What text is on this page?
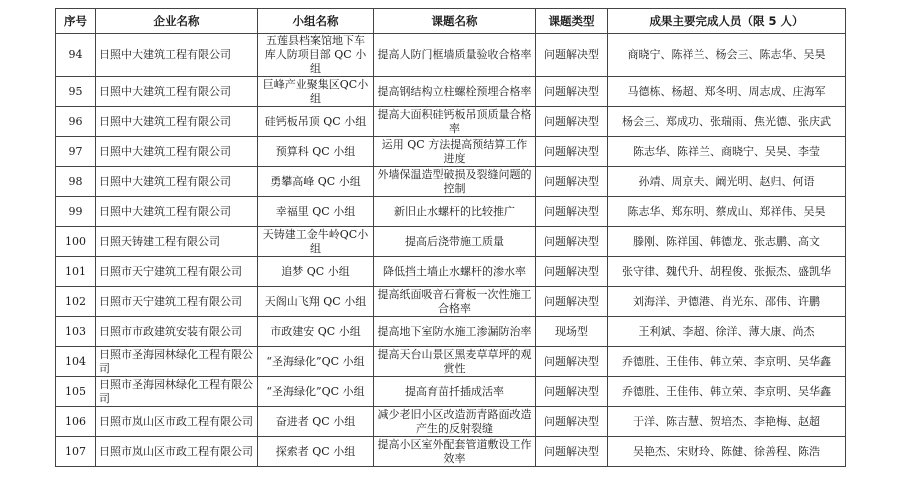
序号	企业名称	小组名称	课题名称	课题类型	成果主要完成人员（限 5 人）
94	日照中大建筑工程有限公司	五莲县档案馆地下车库人防项目部 QC 小组	提高人防门框墙质量验收合格率	问题解决型	商晓宁、陈祥兰、杨会三、陈志华、吴昊
95	日照中大建筑工程有限公司	巨峰产业聚集区QC小组	提高钢结构立柱螺栓预埋合格率	问题解决型	马德栋、杨超、郑冬明、周志成、庄海军
96	日照中大建筑工程有限公司	硅钙板吊顶 QC 小组	提高大面积硅钙板吊顶质量合格率	问题解决型	杨会三、郑成功、张瑞雨、焦光德、张庆武
97	日照中大建筑工程有限公司	预算科 QC 小组	运用 QC 方法提高预结算工作进度	问题解决型	陈志华、陈祥兰、商晓宁、吴昊、李莹
98	日照中大建筑工程有限公司	勇攀高峰 QC 小组	外墙保温造型破损及裂缝问题的控制	问题解决型	孙靖、周京夫、阚光明、赵归、何语
99	日照中大建筑工程有限公司	幸福里 QC 小组	新旧止水螺杆的比较推广	问题解决型	陈志华、郑东明、蔡成山、郑祥伟、吴昊
100	日照天铸建工程有限公司	天铸建工金牛岭QC小组	提高后浇带施工质量	问题解决型	滕刚、陈祥国、韩德龙、张志鹏、高文
101	日照市天宁建筑工程有限公司	追梦 QC 小组	降低挡土墙止水螺杆的渗水率	问题解决型	张守律、魏代升、胡程俊、张振杰、盛凯华
102	日照市天宁建筑工程有限公司	天阁山飞翔 QC 小组	提高纸面吸音石膏板一次性施工合格率	问题解决型	刘海洋、尹德港、肖光东、邵伟、许鹏
103	日照市市政建筑安装有限公司	市政建安 QC 小组	提高地下室防水施工渗漏防治率	现场型	王利斌、李超、徐洋、薄大康、尚杰
104	日照市圣海园林绿化工程有限公司	“圣海绿化”QC 小组	提高天台山景区黑麦草草坪的观赏性	问题解决型	乔德胜、王佳伟、韩立荣、李京明、吴华鑫
105	日照市圣海园林绿化工程有限公司	“圣海绿化”QC 小组	提高育苗扦插成活率	问题解决型	乔德胜、王佳伟、韩立荣、李京明、吴华鑫
106	日照市岚山区市政工程有限公司	奋进者 QC 小组	减少老旧小区改造沥青路面改造产生的反射裂缝	问题解决型	于洋、陈吉慧、贺培杰、李艳梅、赵超
107	日照市岚山区市政工程有限公司	探索者 QC 小组	提高小区室外配套管道敷设工作效率	问题解决型	吴艳杰、宋财玲、陈健、徐善程、陈浩
